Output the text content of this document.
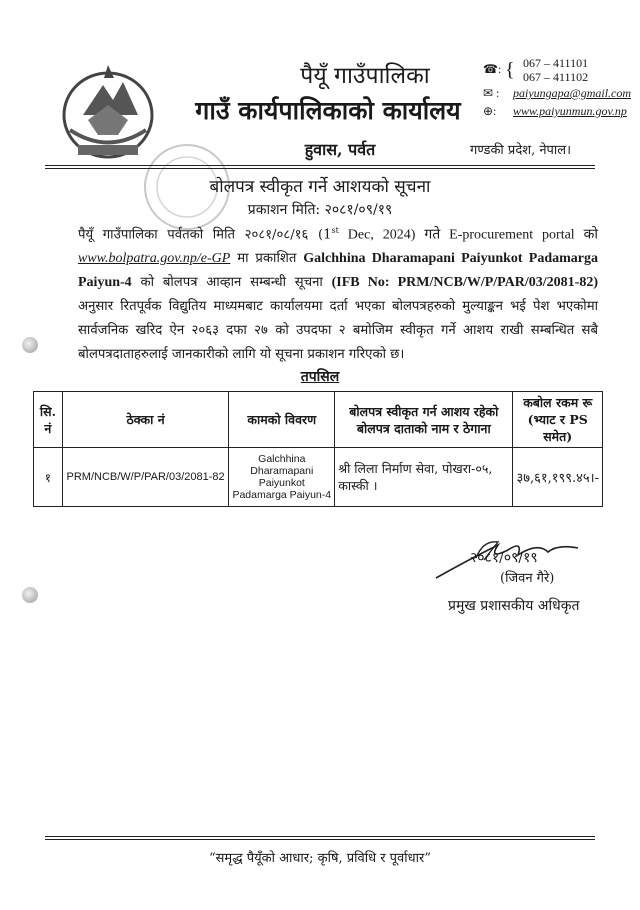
पैयूँ गाउँपालिका
गाउँ कार्यपालिकाको कार्यालय
हुवास, पर्वत
☎: { 067 – 411101
067 – 411102
✉ : paiyungapa@gmail.com
⊕: www.paiyunmun.gov.np
गण्डकी प्रदेश, नेपाल।
बोलपत्र स्वीकृत गर्ने आशयको सूचना
प्रकाशन मिति: २०८१/०९/१९
पैयूँ गाउँपालिका पर्वतको मिति २०८१/०८/१६ (1st Dec, 2024) गते E-procurement portal को www.bolpatra.gov.np/e-GP मा प्रकाशित Galchhina Dharamapani Paiyunkot Padamarga Paiyun-4 को बोलपत्र आव्हान सम्बन्धी सूचना (IFB No: PRM/NCB/W/P/PAR/03/2081-82) अनुसार रितपूर्वक विद्युतिय माध्यमबाट कार्यालयमा दर्ता भएका बोलपत्रहरुको मुल्याङ्कन भई पेश भएकोमा सार्वजनिक खरिद ऐन २०६३ दफा २७ को उपदफा २ बमोजिम स्वीकृत गर्ने आशय राखी सम्बन्धित सबै बोलपत्रदाताहरुलाई जानकारीको लागि यो सूचना प्रकाशन गरिएको छ।
तपसिल
सि. नं	ठेक्का नं	कामको विवरण	बोलपत्र स्वीकृत गर्न आशय रहेको बोलपत्र दाताको नाम र ठेगाना	कबोल रकम रू (भ्याट र PS समेत)
१	PRM/NCB/W/P/PAR/03/2081-82	Galchhina Dharamapani Paiyunkot Padamarga Paiyun-4	श्री लिला निर्माण सेवा, पोखरा-०५, कास्की ।	३७,६१,१९९.४५।-
२०८१/०९/१९
(जिवन गैरे)
प्रमुख प्रशासकीय अधिकृत
“समृद्ध पैयूँको आधार; कृषि, प्रविधि र पूर्वाधार”
